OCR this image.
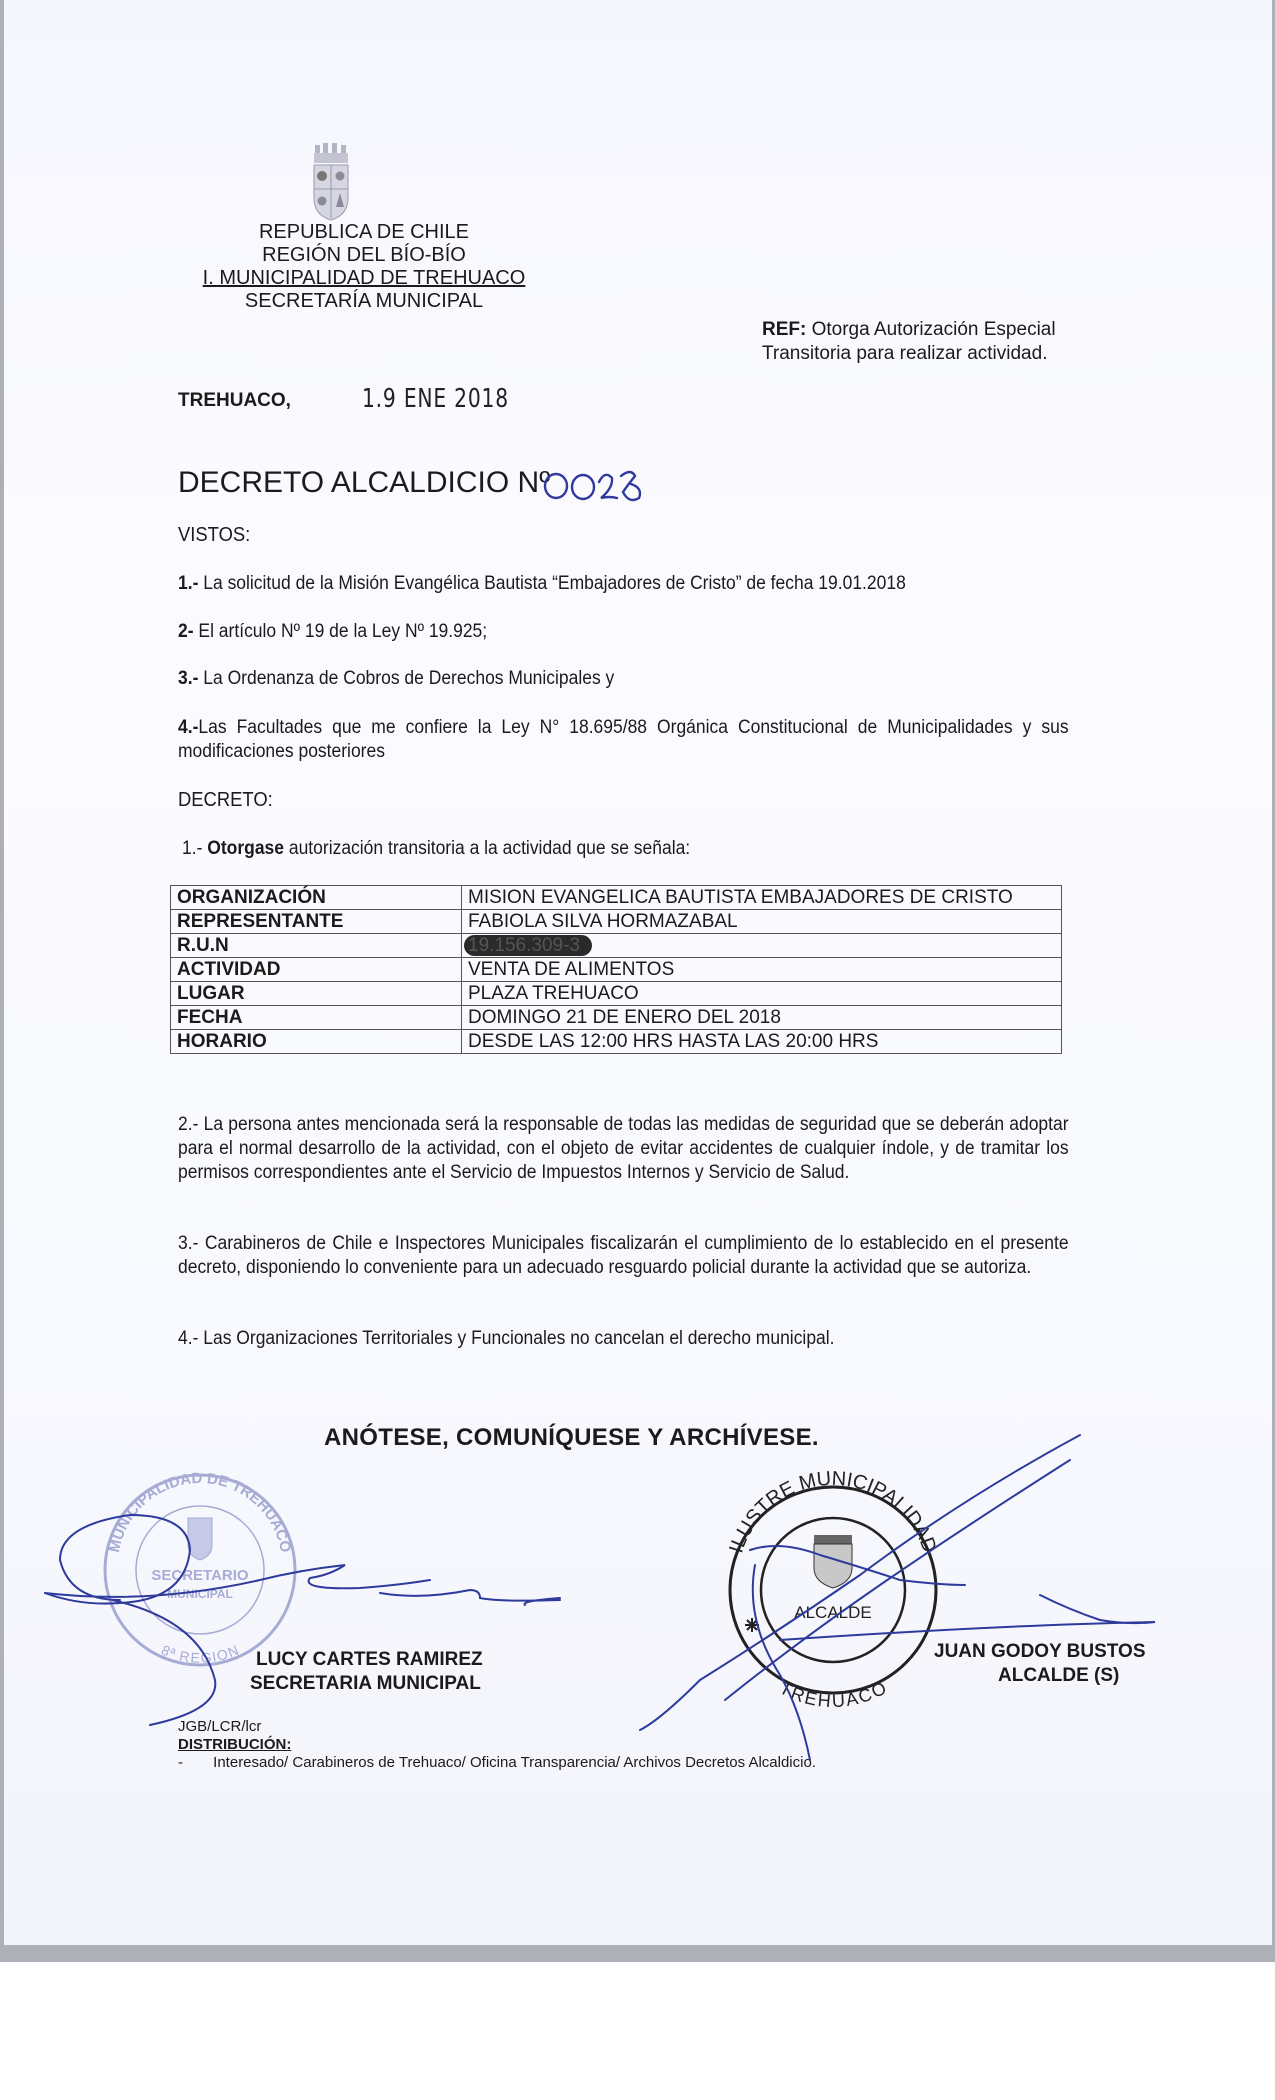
REPUBLICA DE CHILE
REGIÓN DEL BÍO-BÍO
I. MUNICIPALIDAD DE TREHUACO
SECRETARÍA MUNICIPAL
REF: Otorga Autorización Especial Transitoria para realizar actividad.
TREHUACO,	1.9 ENE 2018
DECRETO ALCALDICIO Nº
VISTOS:
1.- La solicitud de la Misión Evangélica Bautista “Embajadores de Cristo” de fecha 19.01.2018
2- El artículo Nº 19 de la Ley Nº 19.925;
3.- La Ordenanza de Cobros de Derechos Municipales y
4.-Las Facultades que me confiere la Ley N° 18.695/88 Orgánica Constitucional de Municipalidades y sus modificaciones posteriores
DECRETO:
1.- Otorgase autorización transitoria a la actividad que se señala:
ORGANIZACIÓN	MISION EVANGELICA BAUTISTA EMBAJADORES DE CRISTO
REPRESENTANTE	FABIOLA SILVA HORMAZABAL
R.U.N	19.156.309-3
ACTIVIDAD	VENTA DE ALIMENTOS
LUGAR	PLAZA TREHUACO
FECHA	DOMINGO 21 DE ENERO DEL 2018
HORARIO	DESDE LAS 12:00 HRS HASTA LAS 20:00 HRS
2.- La persona antes mencionada será la responsable de todas las medidas de seguridad que se deberán adoptar para el normal desarrollo de la actividad, con el objeto de evitar accidentes de cualquier índole, y de tramitar los permisos correspondientes ante el Servicio de Impuestos Internos y Servicio de Salud.
3.- Carabineros de Chile e Inspectores Municipales fiscalizarán el cumplimiento de lo establecido en el presente decreto, disponiendo lo conveniente para un adecuado resguardo policial durante la actividad que se autoriza.
4.- Las Organizaciones Territoriales y Funcionales no cancelan el derecho municipal.
ANÓTESE, COMUNÍQUESE Y ARCHÍVESE.
LUCY CARTES RAMIREZ
SECRETARIA MUNICIPAL
JUAN GODOY BUSTOS
ALCALDE (S)
JGB/LCR/lcr
DISTRIBUCIÓN:
- Interesado/ Carabineros de Trehuaco/ Oficina Transparencia/ Archivos Decretos Alcaldicio.
MUNICIPALIDAD DE TREHUACO
SECRETARIO
MUNICIPAL
8ª REGION
ILUSTRE MUNICIPALIDAD
ALCALDE
TREHUACO
